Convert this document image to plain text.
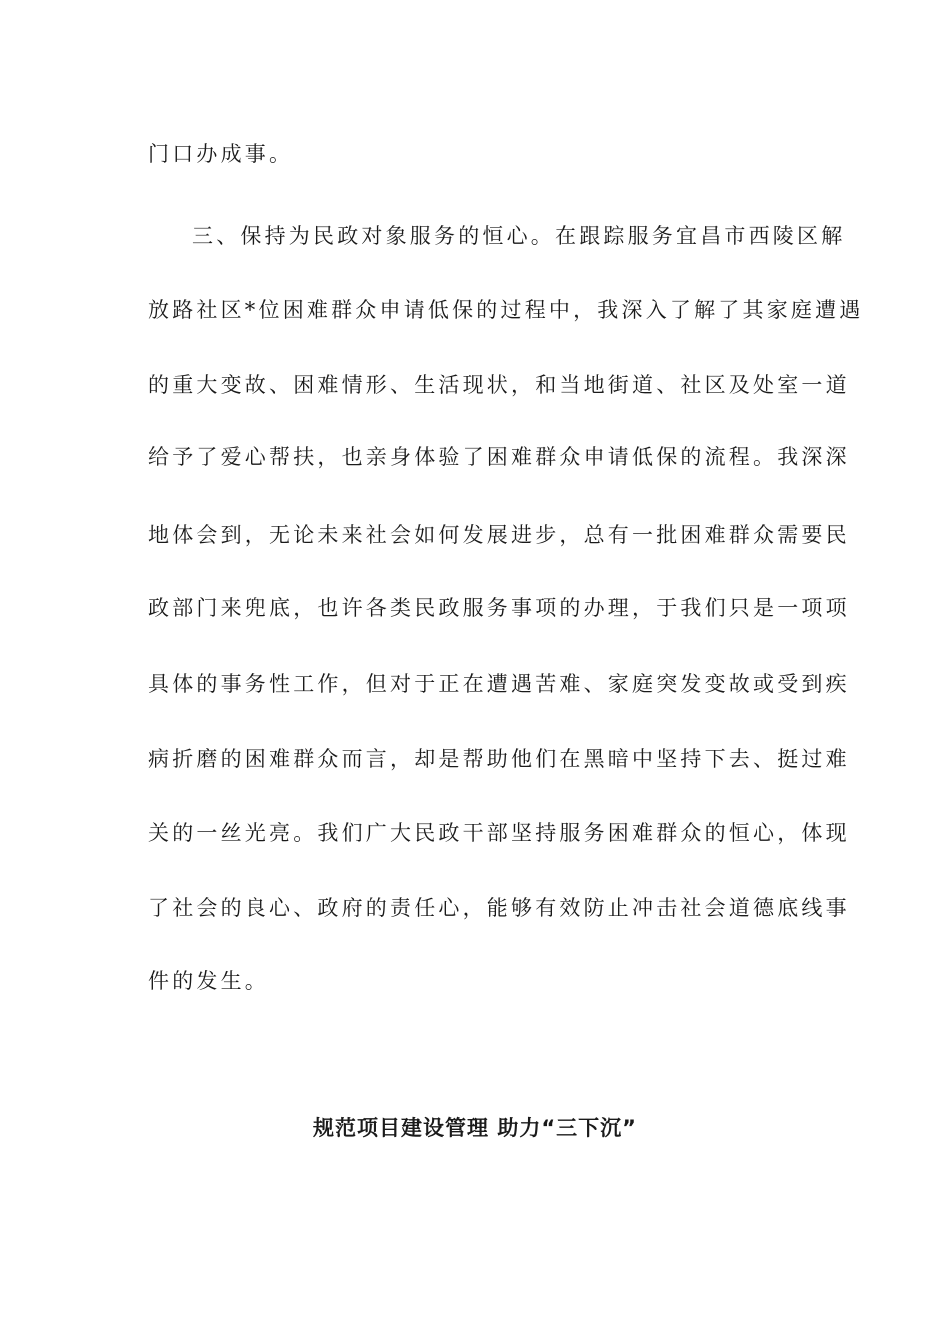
门口办成事。
三、保持为民政对象服务的恒心。在跟踪服务宜昌市西陵区解
放路社区*位困难群众申请低保的过程中，我深入了解了其家庭遭遇
的重大变故、困难情形、生活现状，和当地街道、社区及处室一道
给予了爱心帮扶，也亲身体验了困难群众申请低保的流程。我深深
地体会到，无论未来社会如何发展进步，总有一批困难群众需要民
政部门来兜底，也许各类民政服务事项的办理，于我们只是一项项
具体的事务性工作，但对于正在遭遇苦难、家庭突发变故或受到疾
病折磨的困难群众而言，却是帮助他们在黑暗中坚持下去、挺过难
关的一丝光亮。我们广大民政干部坚持服务困难群众的恒心，体现
了社会的良心、政府的责任心，能够有效防止冲击社会道德底线事
件的发生。
规范项目建设管理 助力“三下沉”
